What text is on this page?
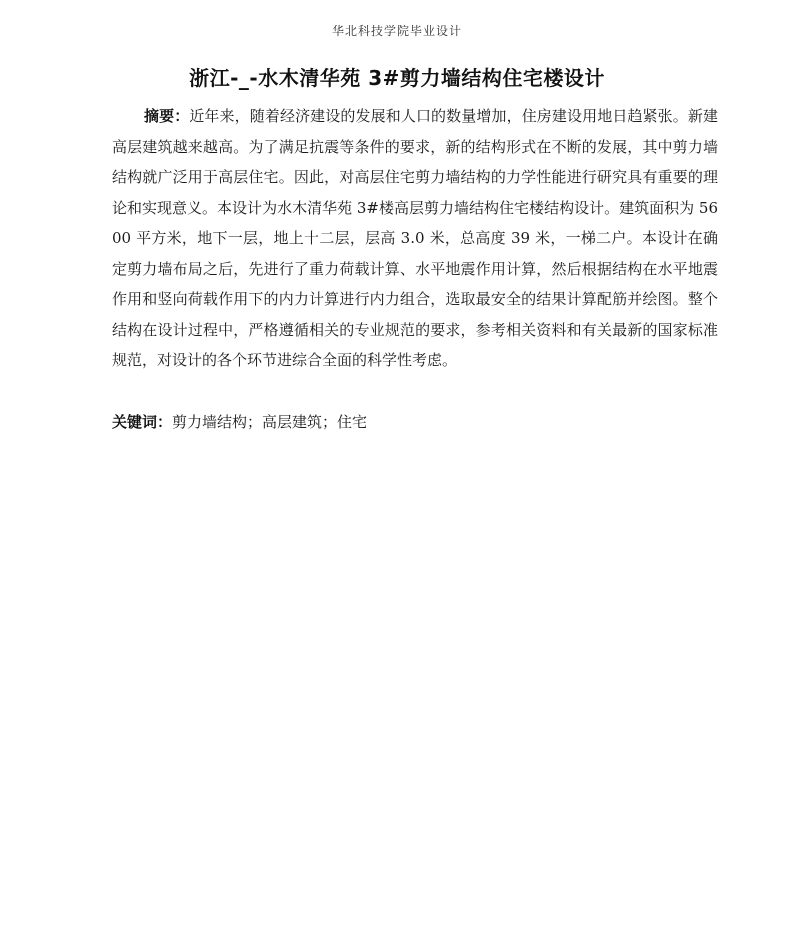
华北科技学院毕业设计
浙江-_-水木清华苑 3#剪力墙结构住宅楼设计

摘要：近年来，随着经济建设的发展和人口的数量增加，住房建设用地日趋紧张。新建高层建筑越来越高。为了满足抗震等条件的要求，新的结构形式在不断的发展，其中剪力墙结构就广泛用于高层住宅。因此，对高层住宅剪力墙结构的力学性能进行研究具有重要的理论和实现意义。本设计为水木清华苑 3#楼高层剪力墙结构住宅楼结构设计。建筑面积为 5600 平方米，地下一层，地上十二层，层高 3.0 米，总高度 39 米，一梯二户。本设计在确定剪力墙布局之后，先进行了重力荷载计算、水平地震作用计算，然后根据结构在水平地震作用和竖向荷载作用下的内力计算进行内力组合，选取最安全的结果计算配筋并绘图。整个结构在设计过程中，严格遵循相关的专业规范的要求，参考相关资料和有关最新的国家标准规范，对设计的各个环节进综合全面的科学性考虑。

关键词：剪力墙结构；高层建筑；住宅
